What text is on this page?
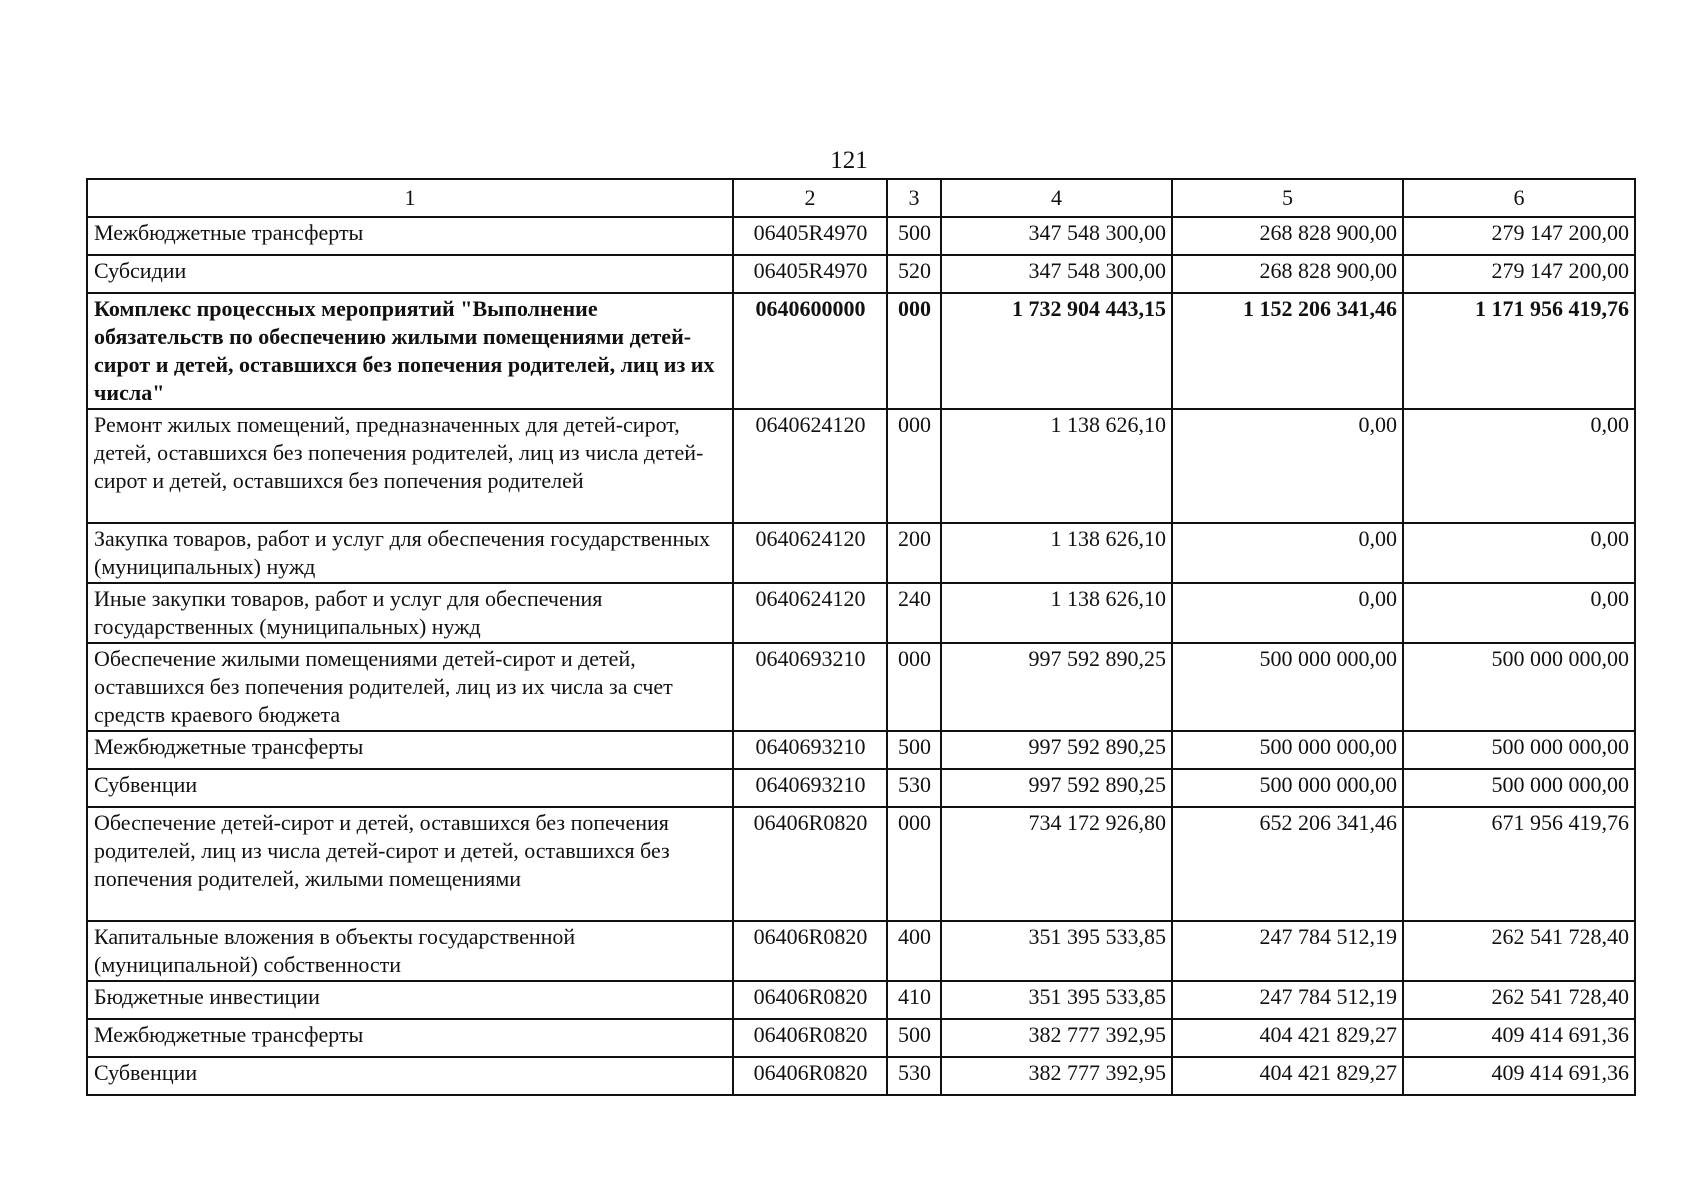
121
1	2	3	4	5	6
Межбюджетные трансферты	06405R4970	500	347 548 300,00	268 828 900,00	279 147 200,00
Субсидии	06405R4970	520	347 548 300,00	268 828 900,00	279 147 200,00
Комплекс процессных мероприятий "Выполнение обязательств по обеспечению жилыми помещениями детей-сирот и детей, оставшихся без попечения родителей, лиц из их числа"	0640600000	000	1 732 904 443,15	1 152 206 341,46	1 171 956 419,76
Ремонт жилых помещений, предназначенных для детей-сирот, детей, оставшихся без попечения родителей, лиц из числа детей-сирот и детей, оставшихся без попечения родителей	0640624120	000	1 138 626,10	0,00	0,00
Закупка товаров, работ и услуг для обеспечения государственных (муниципальных) нужд	0640624120	200	1 138 626,10	0,00	0,00
Иные закупки товаров, работ и услуг для обеспечения государственных (муниципальных) нужд	0640624120	240	1 138 626,10	0,00	0,00
Обеспечение жилыми помещениями детей-сирот и детей, оставшихся без попечения родителей, лиц из их числа за счет средств краевого бюджета	0640693210	000	997 592 890,25	500 000 000,00	500 000 000,00
Межбюджетные трансферты	0640693210	500	997 592 890,25	500 000 000,00	500 000 000,00
Субвенции	0640693210	530	997 592 890,25	500 000 000,00	500 000 000,00
Обеспечение детей-сирот и детей, оставшихся без попечения родителей, лиц из числа детей-сирот и детей, оставшихся без попечения родителей, жилыми помещениями	06406R0820	000	734 172 926,80	652 206 341,46	671 956 419,76
Капитальные вложения в объекты государственной (муниципальной) собственности	06406R0820	400	351 395 533,85	247 784 512,19	262 541 728,40
Бюджетные инвестиции	06406R0820	410	351 395 533,85	247 784 512,19	262 541 728,40
Межбюджетные трансферты	06406R0820	500	382 777 392,95	404 421 829,27	409 414 691,36
Субвенции	06406R0820	530	382 777 392,95	404 421 829,27	409 414 691,36
